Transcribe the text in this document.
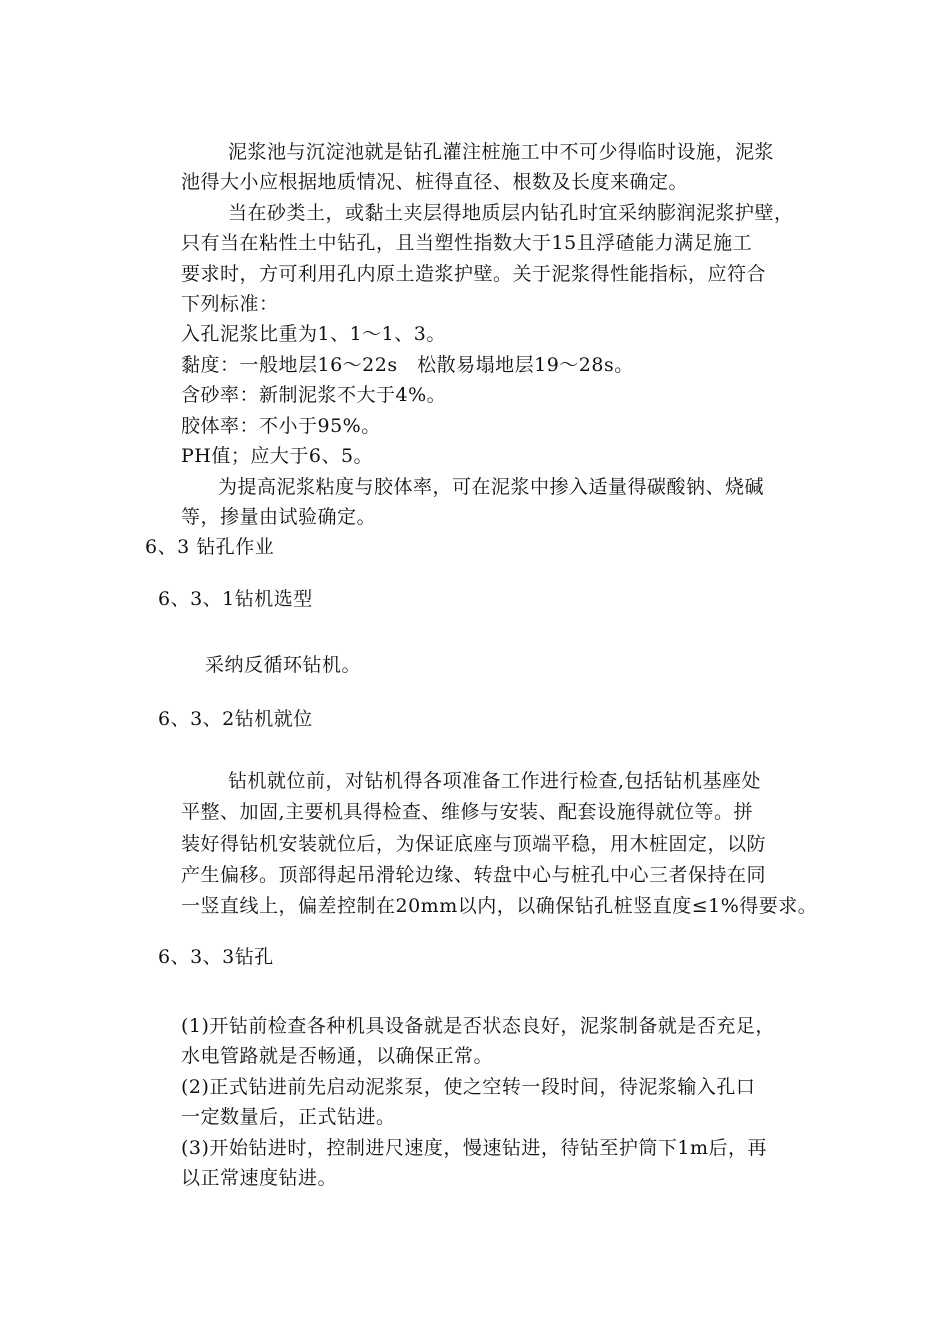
泥浆池与沉淀池就是钻孔灌注桩施工中不可少得临时设施，泥浆
池得大小应根据地质情况、桩得直径、根数及长度来确定。
当在砂类土，或黏土夹层得地质层内钻孔时宜采纳膨润泥浆护壁，
只有当在粘性土中钻孔，且当塑性指数大于15且浮碴能力满足施工
要求时，方可利用孔内原土造浆护壁。关于泥浆得性能指标，应符合
下列标准：
入孔泥浆比重为1、1～1、3。
黏度：一般地层16～22s　松散易塌地层19～28s。
含砂率：新制泥浆不大于4%。
胶体率：不小于95%。
PH值；应大于6、5。
为提高泥浆粘度与胶体率，可在泥浆中掺入适量得碳酸钠、烧碱
等，掺量由试验确定。
6、3 钻孔作业
6、3、1钻机选型
采纳反循环钻机。
6、3、2钻机就位
钻机就位前，对钻机得各项准备工作进行检查,包括钻机基座处
平整、加固,主要机具得检查、维修与安装、配套设施得就位等。拼
装好得钻机安装就位后，为保证底座与顶端平稳，用木桩固定，以防
产生偏移。顶部得起吊滑轮边缘、转盘中心与桩孔中心三者保持在同
一竖直线上，偏差控制在20mm以内，以确保钻孔桩竖直度≤1%得要求。
6、3、3钻孔
(1)开钻前检查各种机具设备就是否状态良好，泥浆制备就是否充足，
水电管路就是否畅通，以确保正常。
(2)正式钻进前先启动泥浆泵，使之空转一段时间，待泥浆输入孔口
一定数量后，正式钻进。
(3)开始钻进时，控制进尺速度，慢速钻进，待钻至护筒下1m后，再
以正常速度钻进。
